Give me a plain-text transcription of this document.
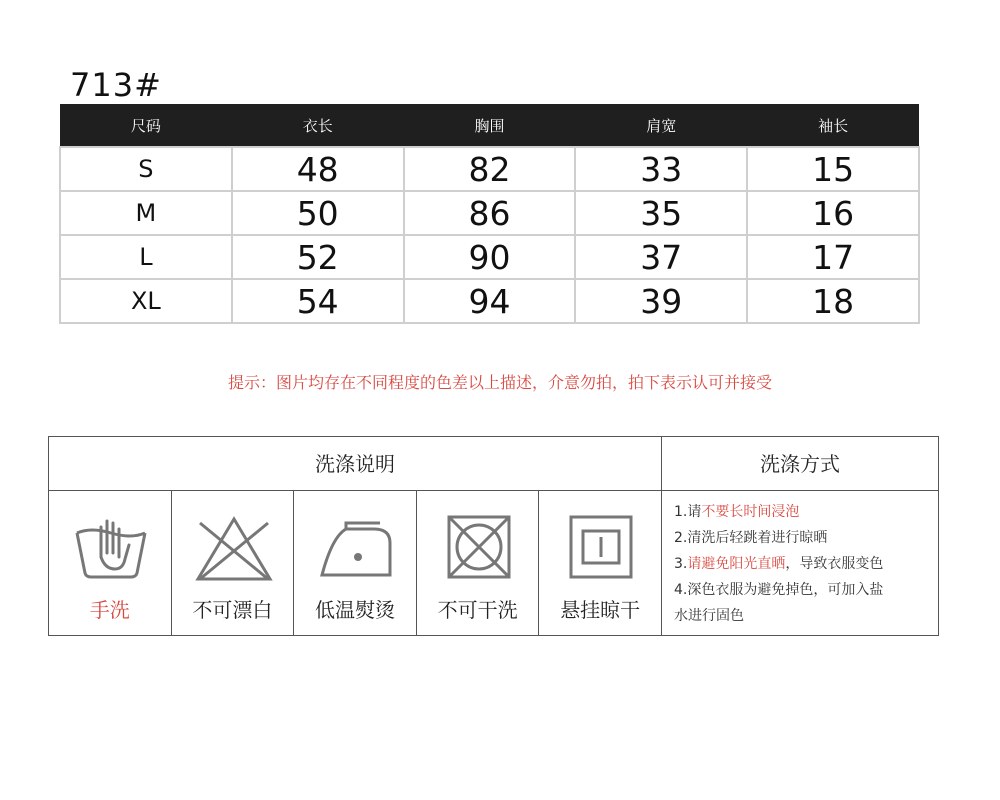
713#
尺码	衣长	胸围	肩宽	袖长
S	48	82	33	15
M	50	86	35	16
L	52	90	37	17
XL	54	94	39	18
提示：图片均存在不同程度的色差以上描述，介意勿拍，拍下表示认可并接受
洗涤说明	洗涤方式
手洗	不可漂白	低温熨烫	不可干洗	悬挂晾干
1.请不要长时间浸泡
2.清洗后轻跳着进行晾晒
3.请避免阳光直晒，导致衣服变色
4.深色衣服为避免掉色，可加入盐
水进行固色
